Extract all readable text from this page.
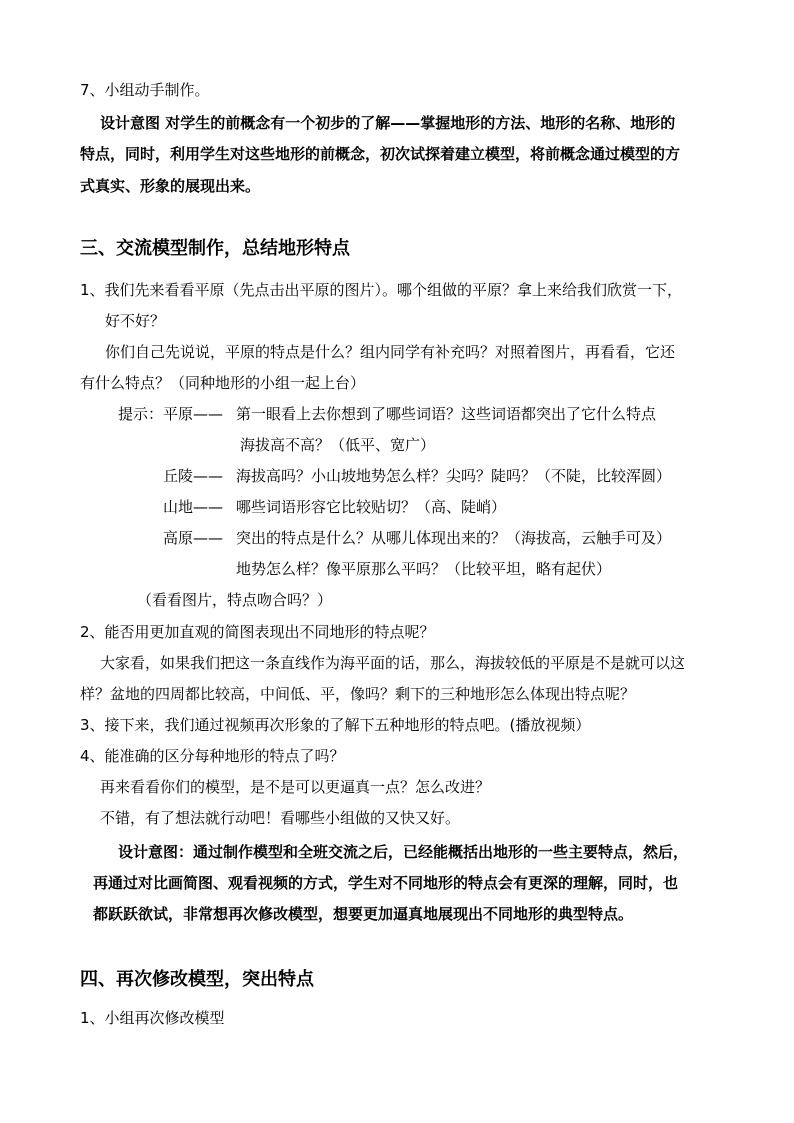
7、小组动手制作。
设计意图 对学生的前概念有一个初步的了解——掌握地形的方法、地形的名称、地形的
特点，同时，利用学生对这些地形的前概念，初次试探着建立模型，将前概念通过模型的方
式真实、形象的展现出来。
三、交流模型制作，总结地形特点
1、我们先来看看平原（先点击出平原的图片）。哪个组做的平原？拿上来给我们欣赏一下，
好不好？
你们自己先说说，平原的特点是什么？组内同学有补充吗？对照着图片，再看看，它还
有什么特点？（同种地形的小组一起上台）
提示： 平原—— 第一眼看上去你想到了哪些词语？这些词语都突出了它什么特点
海拔高不高？（低平、宽广）
丘陵—— 海拔高吗？小山坡地势怎么样？尖吗？陡吗？（不陡，比较浑圆）
山地—— 哪些词语形容它比较贴切？（高、陡峭）
高原—— 突出的特点是什么？从哪儿体现出来的？（海拔高，云触手可及）
地势怎么样？像平原那么平吗？（比较平坦，略有起伏）
（看看图片，特点吻合吗？）
2、能否用更加直观的简图表现出不同地形的特点呢？
大家看，如果我们把这一条直线作为海平面的话，那么，海拔较低的平原是不是就可以这
样？盆地的四周都比较高，中间低、平，像吗？剩下的三种地形怎么体现出特点呢？
3、接下来，我们通过视频再次形象的了解下五种地形的特点吧。(播放视频）
4、能准确的区分每种地形的特点了吗？
再来看看你们的模型，是不是可以更逼真一点？怎么改进？
不错，有了想法就行动吧！看哪些小组做的又快又好。
设计意图：通过制作模型和全班交流之后，已经能概括出地形的一些主要特点，然后，
再通过对比画简图、观看视频的方式，学生对不同地形的特点会有更深的理解，同时，也
都跃跃欲试，非常想再次修改模型，想要更加逼真地展现出不同地形的典型特点。
四、再次修改模型，突出特点
1、小组再次修改模型
